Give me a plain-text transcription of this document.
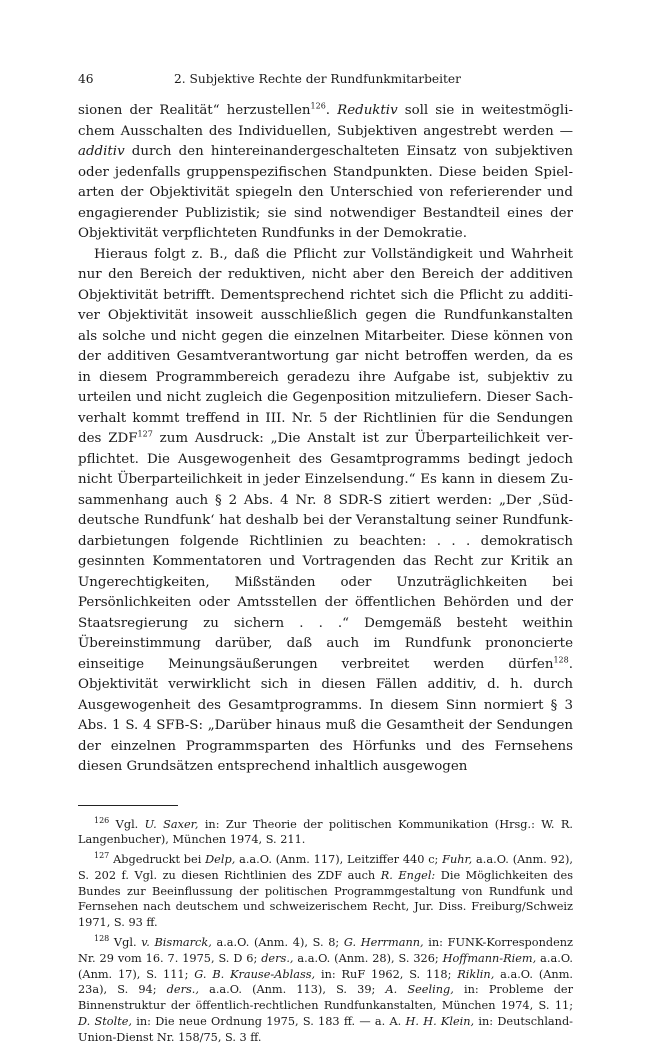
46	2. Subjektive Rechte der Rundfunkmitarbeiter

sionen der Realität“ herzustellen$^{126}$. Reduktiv soll sie in weitestmöglichem Ausschalten des Individuellen, Subjektiven angestrebt werden — additiv durch den hintereinandergeschalteten Einsatz von subjektiven oder jedenfalls gruppenspezifischen Standpunkten. Diese beiden Spielarten der Objektivität spiegeln den Unterschied von referierender und engagierender Publizistik; sie sind notwendiger Bestandteil eines der Objektivität verpflichteten Rundfunks in der Demokratie.

Hieraus folgt z. B., daß die Pflicht zur Vollständigkeit und Wahrheit nur den Bereich der reduktiven, nicht aber den Bereich der additiven Objektivität betrifft. Dementsprechend richtet sich die Pflicht zu additiver Objektivität insoweit ausschließlich gegen die Rundfunkanstalten als solche und nicht gegen die einzelnen Mitarbeiter. Diese können von der additiven Gesamtverantwortung gar nicht betroffen werden, da es in diesem Programmbereich geradezu ihre Aufgabe ist, subjektiv zu urteilen und nicht zugleich die Gegenposition mitzuliefern. Dieser Sachverhalt kommt treffend in III. Nr. 5 der Richtlinien für die Sendungen des ZDF$^{127}$ zum Ausdruck: „Die Anstalt ist zur Überparteilichkeit verpflichtet. Die Ausgewogenheit des Gesamtprogramms bedingt jedoch nicht Überparteilichkeit in jeder Einzelsendung.“ Es kann in diesem Zusammenhang auch § 2 Abs. 4 Nr. 8 SDR-S zitiert werden: „Der ‚Süddeutsche Rundfunk‘ hat deshalb bei der Veranstaltung seiner Rundfunkdarbietungen folgende Richtlinien zu beachten: . . . demokratisch gesinnten Kommentatoren und Vortragenden das Recht zur Kritik an Ungerechtigkeiten, Mißständen oder Unzuträglichkeiten bei Persönlichkeiten oder Amtsstellen der öffentlichen Behörden und der Staatsregierung zu sichern . . .“ Demgemäß besteht weithin Übereinstimmung darüber, daß auch im Rundfunk prononcierte einseitige Meinungsäußerungen verbreitet werden dürfen$^{128}$. Objektivität verwirklicht sich in diesen Fällen additiv, d. h. durch Ausgewogenheit des Gesamtprogramms. In diesem Sinn normiert § 3 Abs. 1 S. 4 SFB-S: „Darüber hinaus muß die Gesamtheit der Sendungen der einzelnen Programmsparten des Hörfunks und des Fernsehens diesen Grundsätzen entsprechend inhaltlich ausgewogen

$^{126}$ Vgl. U. Saxer, in: Zur Theorie der politischen Kommunikation (Hrsg.: W. R. Langenbucher), München 1974, S. 211.

$^{127}$ Abgedruckt bei Delp, a.a.O. (Anm. 117), Leitziffer 440 c; Fuhr, a.a.O. (Anm. 92), S. 202 f. Vgl. zu diesen Richtlinien des ZDF auch R. Engel: Die Möglichkeiten des Bundes zur Beeinflussung der politischen Programmgestaltung von Rundfunk und Fernsehen nach deutschem und schweizerischem Recht, Jur. Diss. Freiburg/Schweiz 1971, S. 93 ff.

$^{128}$ Vgl. v. Bismarck, a.a.O. (Anm. 4), S. 8; G. Herrmann, in: FUNK-Korrespondenz Nr. 29 vom 16. 7. 1975, S. D 6; ders., a.a.O. (Anm. 28), S. 326; Hoffmann-Riem, a.a.O. (Anm. 17), S. 111; G. B. Krause-Ablass, in: RuF 1962, S. 118; Riklin, a.a.O. (Anm. 23a), S. 94; ders., a.a.O. (Anm. 113), S. 39; A. Seeling, in: Probleme der Binnenstruktur der öffentlich-rechtlichen Rundfunkanstalten, München 1974, S. 11; D. Stolte, in: Die neue Ordnung 1975, S. 183 ff. — a. A. H. H. Klein, in: Deutschland-Union-Dienst Nr. 158/75, S. 3 ff.
